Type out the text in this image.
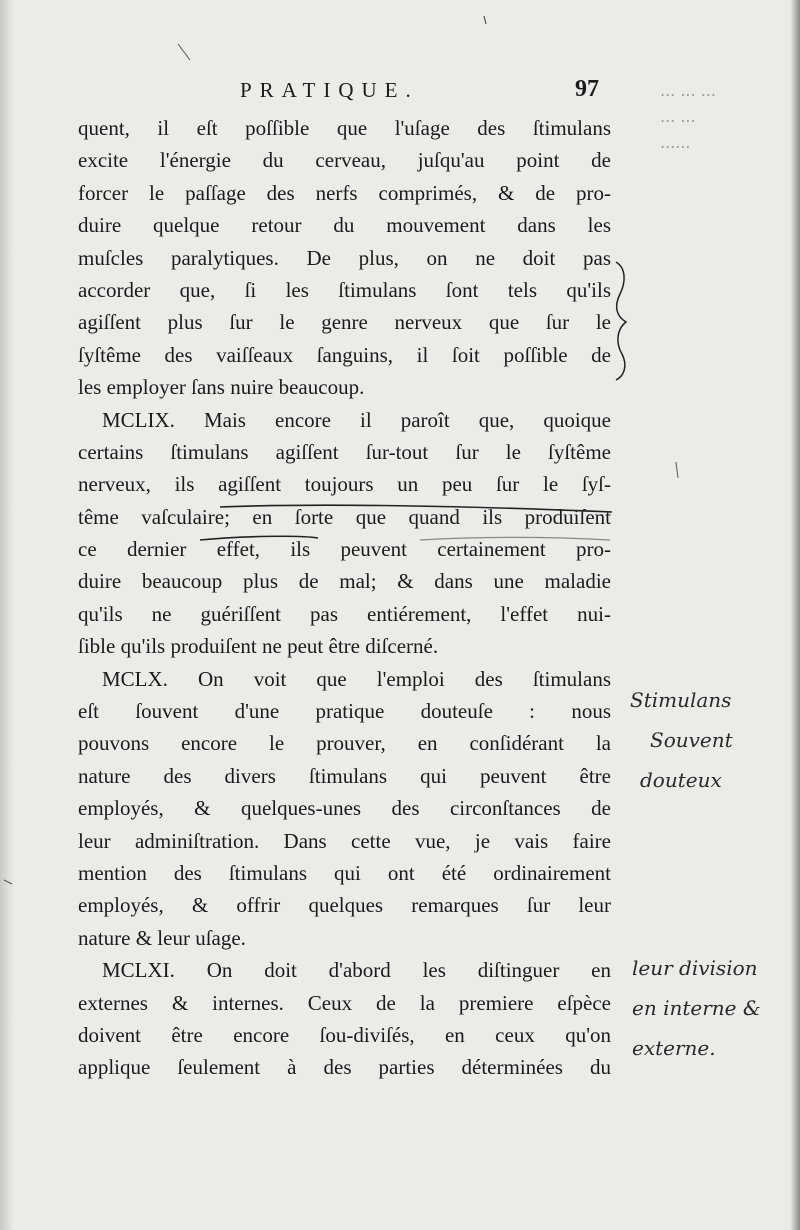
... ... ...
... ...
......
PRATIQUE.	97
quent, il eſt poſſible que l'uſage des ſtimulans
excite l'énergie du cerveau, juſqu'au point de
forcer le paſſage des nerfs comprimés, & de pro-
duire quelque retour du mouvement dans les
muſcles paralytiques. De plus, on ne doit pas
accorder que, ſi les ſtimulans ſont tels qu'ils
agiſſent plus ſur le genre nerveux que ſur le
ſyſtême des vaiſſeaux ſanguins, il ſoit poſſible de
les employer ſans nuire beaucoup.
MCLIX. Mais encore il paroît que, quoique
certains ſtimulans agiſſent ſur-tout ſur le ſyſtême
nerveux, ils agiſſent toujours un peu ſur le ſyſ-
tême vaſculaire; en ſorte que quand ils produiſent
ce dernier effet, ils peuvent certainement pro-
duire beaucoup plus de mal; & dans une maladie
qu'ils ne guériſſent pas entiérement, l'effet nui-
ſible qu'ils produiſent ne peut être diſcerné.
MCLX. On voit que l'emploi des ſtimulans
eſt ſouvent d'une pratique douteuſe : nous
pouvons encore le prouver, en conſidérant la
nature des divers ſtimulans qui peuvent être
employés, & quelques-unes des circonſtances de
leur adminiſtration. Dans cette vue, je vais faire
mention des ſtimulans qui ont été ordinairement
employés, & offrir quelques remarques ſur leur
nature & leur uſage.
MCLXI. On doit d'abord les diſtinguer en
externes & internes. Ceux de la premiere eſpèce
doivent être encore ſou-diviſés, en ceux qu'on
applique ſeulement à des parties déterminées du
Stimulans
Souvent
douteux
leur division
en interne &
externe.
